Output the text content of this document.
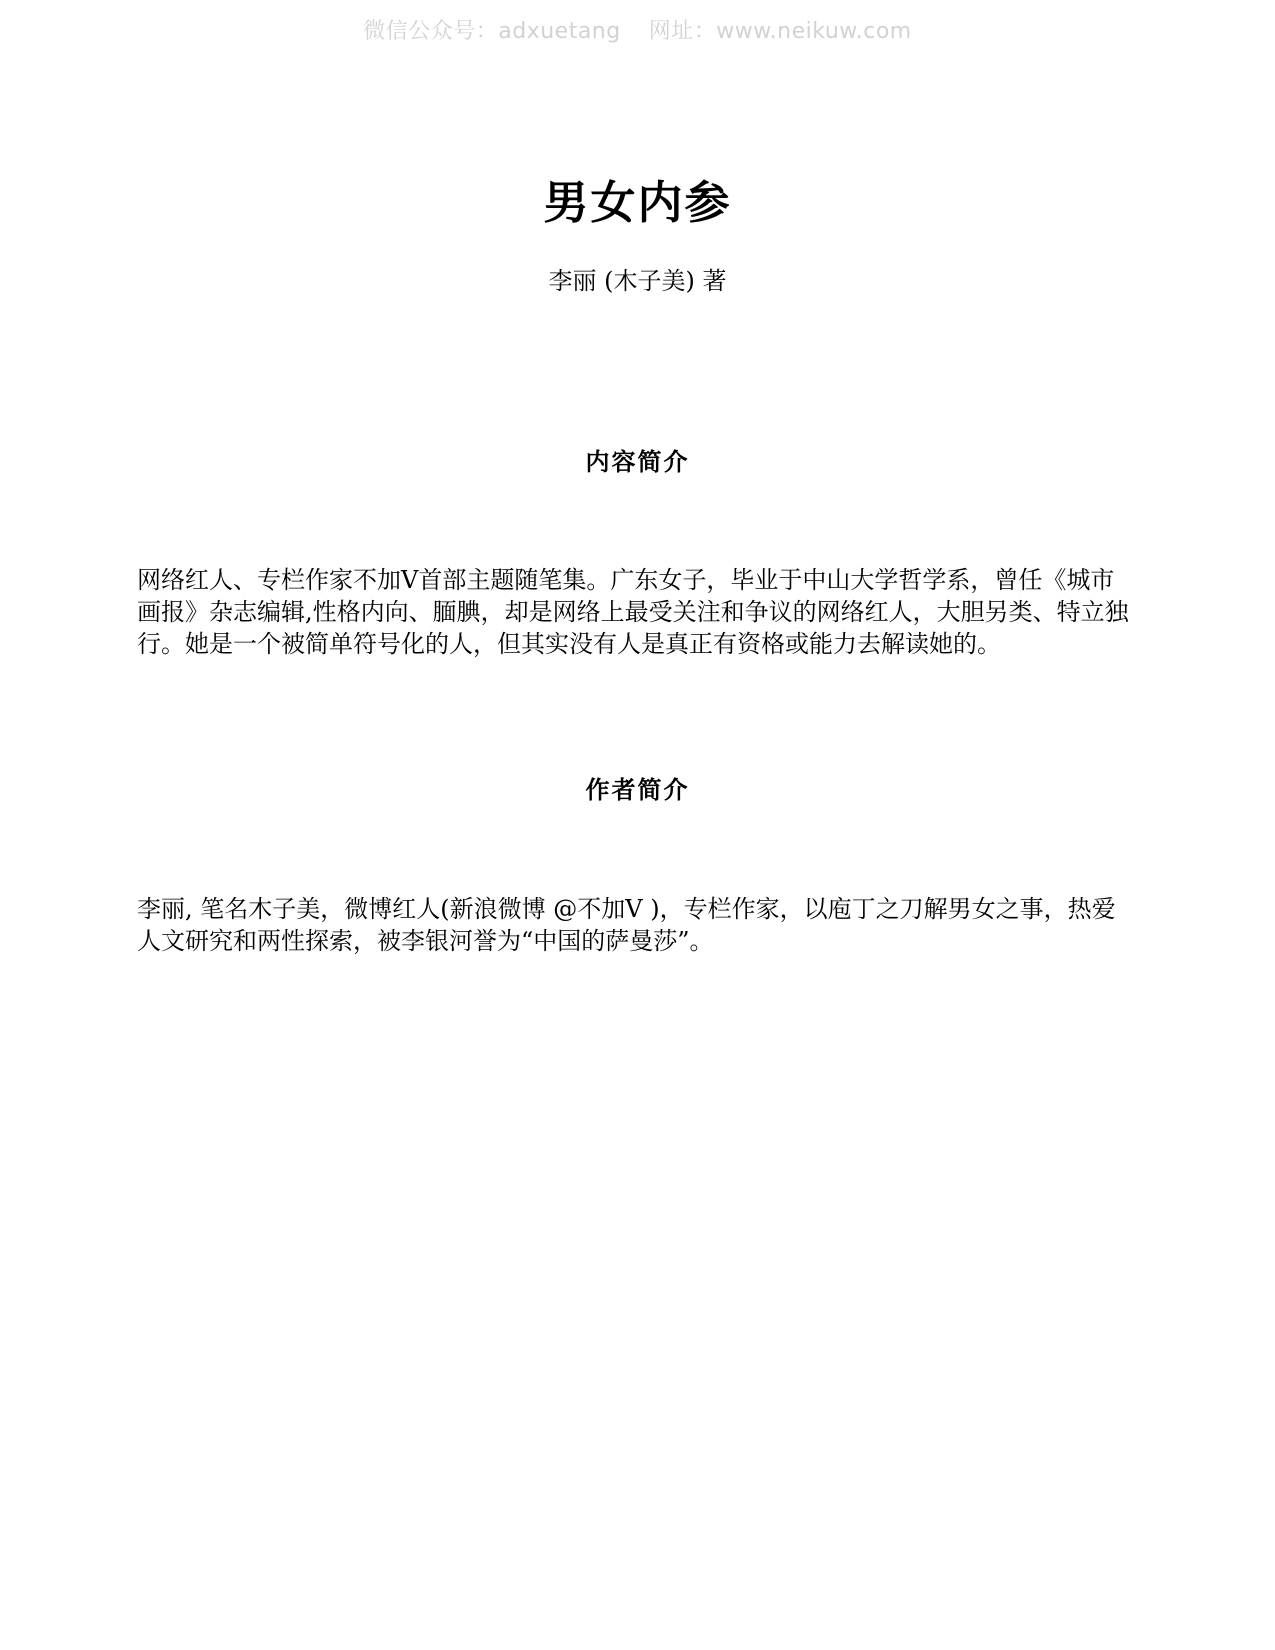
微信公众号：adxuetang 网址：www.neikuw.com
男女内参
李丽 (木子美) 著
内容简介
网络红人、专栏作家不加V首部主题随笔集。广东女子，毕业于中山大学哲学系，曾任《城市画报》杂志编辑,性格内向、腼腆，却是网络上最受关注和争议的网络红人，大胆另类、特立独行。她是一个被简单符号化的人，但其实没有人是真正有资格或能力去解读她的。
作者简介
李丽, 笔名木子美，微博红人(新浪微博 @不加V )，专栏作家，以庖丁之刀解男女之事，热爱人文研究和两性探索，被李银河誉为“中国的萨曼莎”。
